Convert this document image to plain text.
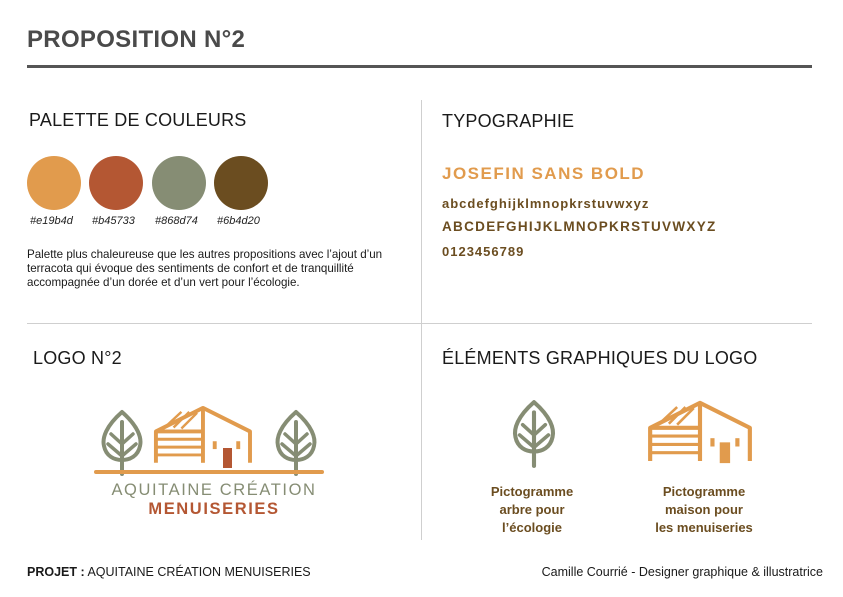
PROPOSITION N°2
PALETTE DE COULEURS
#e19b4d	#b45733	#868d74	#6b4d20
Palette plus chaleureuse que les autres propositions avec l’ajout d’un terracota qui évoque des sentiments de confort et de tranquillité accompagnée d’un dorée et d’un vert pour l’écologie.
TYPOGRAPHIE
JOSEFIN SANS BOLD
abcdefghijklmnopkrstuvwxyz
ABCDEFGHIJKLMNOPKRSTUVWXYZ
0123456789
LOGO N°2
AQUITAINE CRÉATION
MENUISERIES
ÉLÉMENTS GRAPHIQUES DU LOGO
Pictogramme
arbre pour
l’écologie
Pictogramme
maison pour
les menuiseries
PROJET : AQUITAINE CRÉATION MENUISERIES	Camille Courrié - Designer graphique & illustratrice
